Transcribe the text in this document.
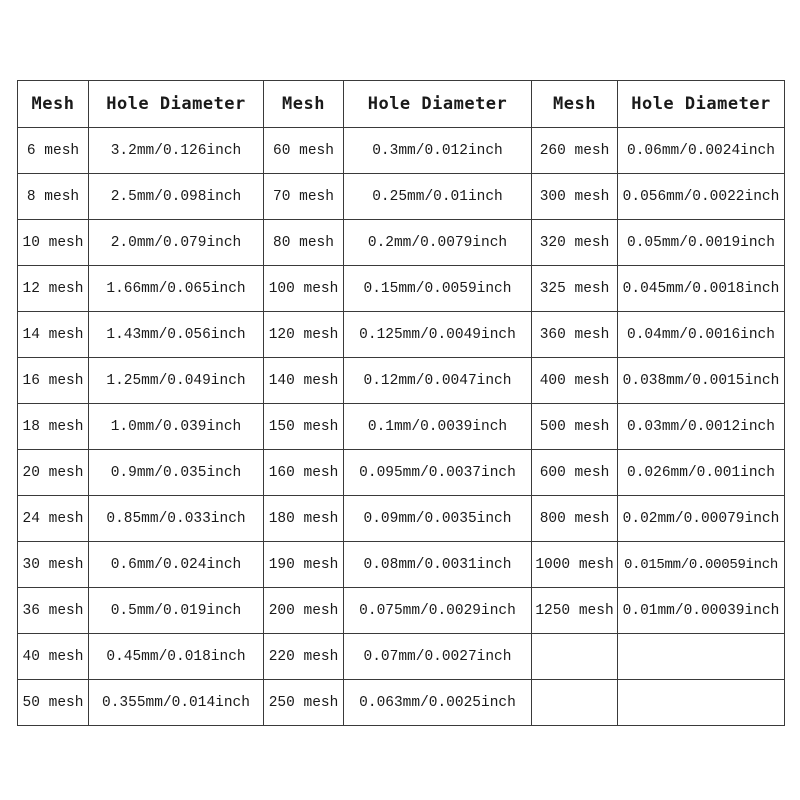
Mesh	Hole Diameter	Mesh	Hole Diameter	Mesh	Hole Diameter
6 mesh	3.2mm/0.126inch	60 mesh	0.3mm/0.012inch	260 mesh	0.06mm/0.0024inch
8 mesh	2.5mm/0.098inch	70 mesh	0.25mm/0.01inch	300 mesh	0.056mm/0.0022inch
10 mesh	2.0mm/0.079inch	80 mesh	0.2mm/0.0079inch	320 mesh	0.05mm/0.0019inch
12 mesh	1.66mm/0.065inch	100 mesh	0.15mm/0.0059inch	325 mesh	0.045mm/0.0018inch
14 mesh	1.43mm/0.056inch	120 mesh	0.125mm/0.0049inch	360 mesh	0.04mm/0.0016inch
16 mesh	1.25mm/0.049inch	140 mesh	0.12mm/0.0047inch	400 mesh	0.038mm/0.0015inch
18 mesh	1.0mm/0.039inch	150 mesh	0.1mm/0.0039inch	500 mesh	0.03mm/0.0012inch
20 mesh	0.9mm/0.035inch	160 mesh	0.095mm/0.0037inch	600 mesh	0.026mm/0.001inch
24 mesh	0.85mm/0.033inch	180 mesh	0.09mm/0.0035inch	800 mesh	0.02mm/0.00079inch
30 mesh	0.6mm/0.024inch	190 mesh	0.08mm/0.0031inch	1000 mesh	0.015mm/0.00059inch
36 mesh	0.5mm/0.019inch	200 mesh	0.075mm/0.0029inch	1250 mesh	0.01mm/0.00039inch
40 mesh	0.45mm/0.018inch	220 mesh	0.07mm/0.0027inch		
50 mesh	0.355mm/0.014inch	250 mesh	0.063mm/0.0025inch		
